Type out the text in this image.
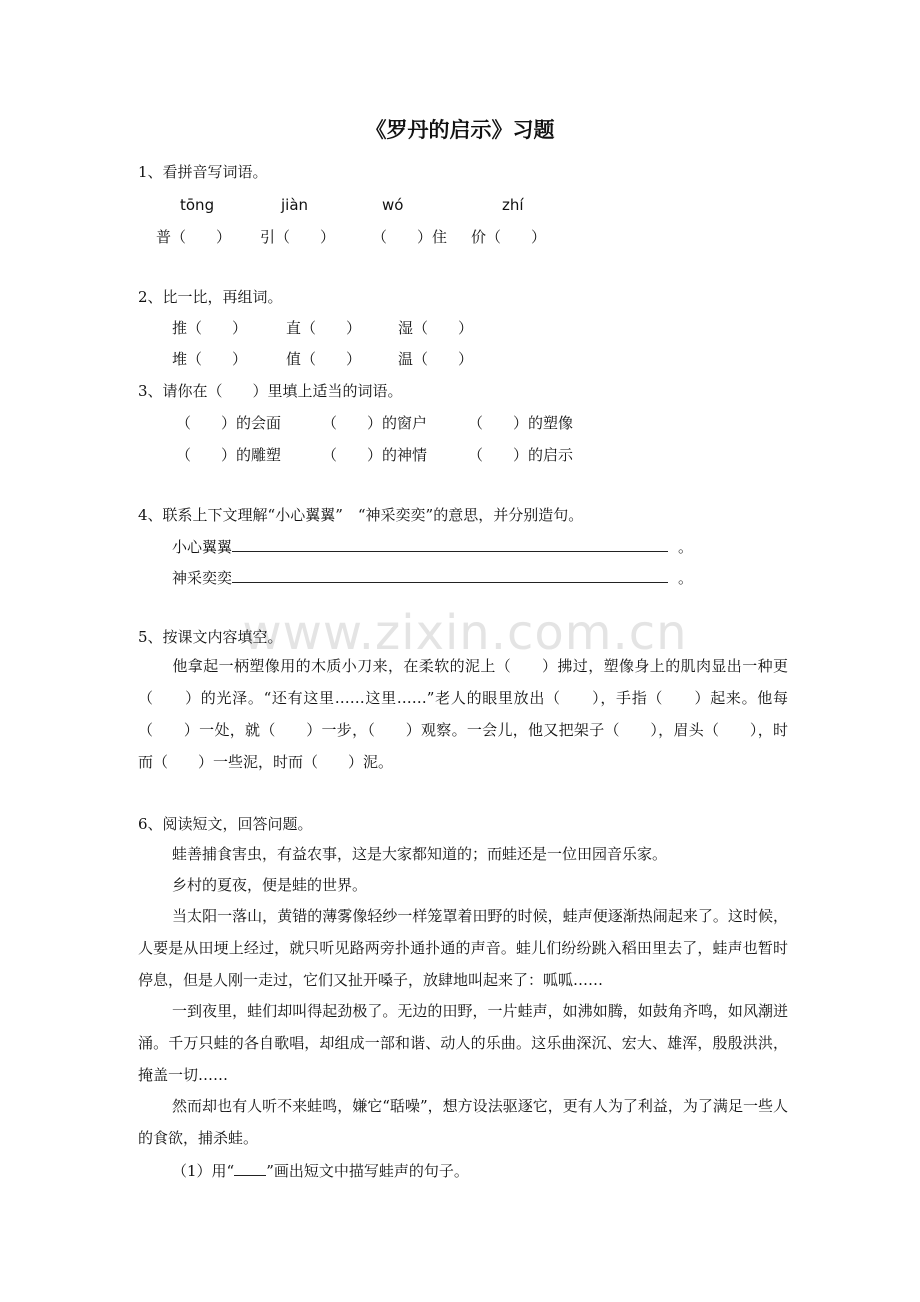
www.zixin.com.cn
《罗丹的启示》习题
1、看拼音写词语。
tōng	jiàn	wó	zhí
普（　　） 引（　　） （　　）住 价（　　）
2、比一比，再组词。
推（　　）	直（　　） 湿（　　）
堆（　　）	值（　　） 温（　　）
3、请你在（　　）里填上适当的词语。
（　　）的会面	（　　）的窗户	（　　）的塑像
（　　）的雕塑	（　　）的神情	（　　）的启示
4、联系上下文理解“小心翼翼”　“神采奕奕”的意思，并分别造句。
小心翼翼	。
神采奕奕	。
5、按课文内容填空。
他拿起一柄塑像用的木质小刀来，在柔软的泥上（　　）拂过，塑像身上的肌肉显出一种更（　　）的光泽。“还有这里……这里……”老人的眼里放出（　　），手指（　　）起来。他每（　　）一处，就（　　）一步，（　　）观察。一会儿，他又把架子（　　），眉头（　　），时而（　　）一些泥，时而（　　）泥。
6、阅读短文，回答问题。
蛙善捕食害虫，有益农事，这是大家都知道的；而蛙还是一位田园音乐家。
乡村的夏夜，便是蛙的世界。
当太阳一落山，黄错的薄雾像轻纱一样笼罩着田野的时候，蛙声便逐渐热闹起来了。这时候，人要是从田埂上经过，就只听见路两旁扑通扑通的声音。蛙儿们纷纷跳入稻田里去了，蛙声也暂时停息，但是人刚一走过，它们又扯开嗓子，放肆地叫起来了：呱呱……
一到夜里，蛙们却叫得起劲极了。无边的田野，一片蛙声，如沸如腾，如鼓角齐鸣，如风潮迸涌。千万只蛙的各自歌唱，却组成一部和谐、动人的乐曲。这乐曲深沉、宏大、雄浑，殷殷洪洪，掩盖一切……
然而却也有人听不来蛙鸣，嫌它“聒噪”，想方设法驱逐它，更有人为了利益，为了满足一些人的食欲，捕杀蛙。
（1）用“ ”画出短文中描写蛙声的句子。
